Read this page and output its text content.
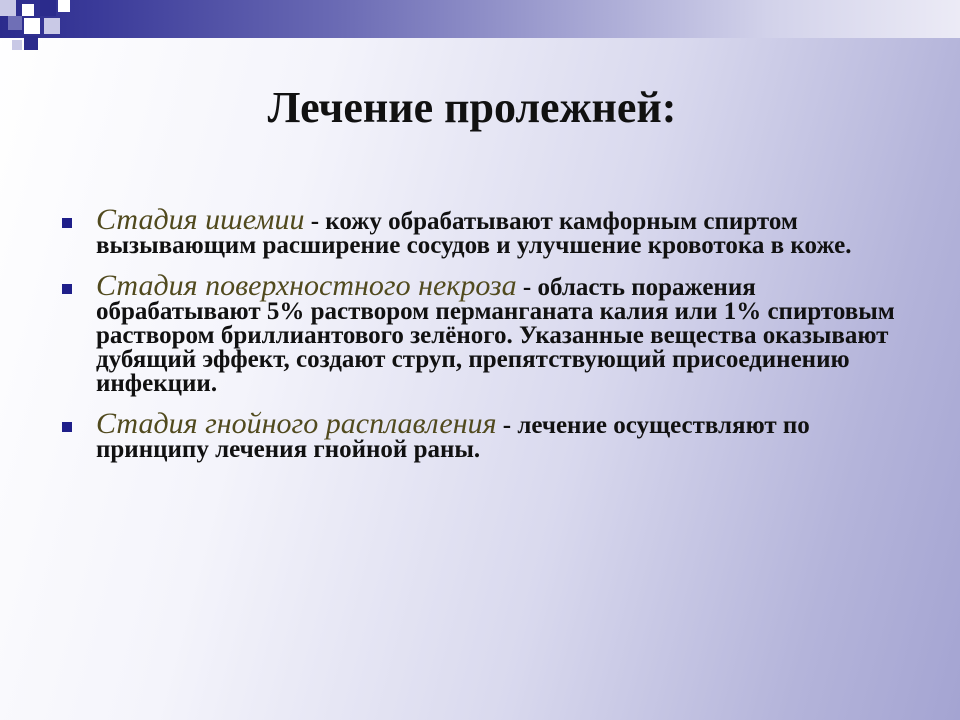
Лечение пролежней:
Стадия ишемии - кожу обрабатывают камфорным спиртом вызывающим расширение сосудов и улучшение кровотока в коже.
Стадия поверхностного некроза - область поражения обрабатывают 5% раствором перманганата калия или 1% спиртовым раствором бриллиантового зелёного. Указанные вещества оказывают дубящий эффект, создают струп, препятствующий присоединению инфекции.
Стадия гнойного расплавления - лечение осуществляют по принципу лечения гнойной раны.
